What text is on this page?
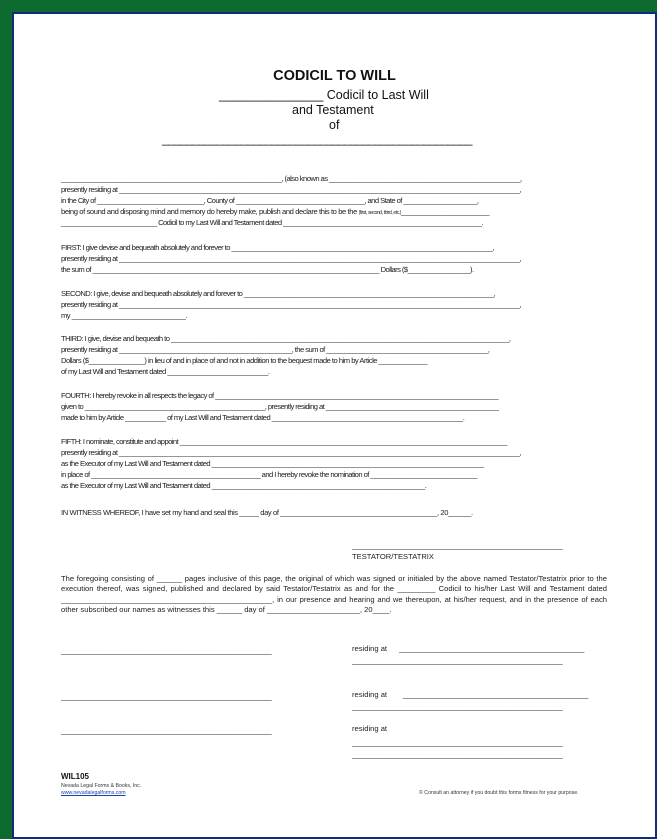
CODICIL TO WILL
_______________ Codicil to Last Will
and Testament
of
___________________________________________________
____________________________________________________________, (also known as ____________________________________________________,
presently residing at _____________________________________________________________________________________________________________,
in the City of _____________________________, County of ___________________________________, and State of ____________________,
being of sound and disposing mind and memory do hereby make, publish and declare this to be the (first, second, third, etc.)_______________________
__________________________ Codicil to my Last Will and Testament dated ______________________________________________________.
FIRST: I give devise and bequeath absolutely and forever to _______________________________________________________________________,
presently residing at _____________________________________________________________________________________________________________,
the sum of ______________________________________________________________________________ Dollars ($_________________).
SECOND: I give, devise and bequeath absolutely and forever to ____________________________________________________________________,
presently residing at _____________________________________________________________________________________________________________,
my _______________________________.
THIRD: I give, devise and bequeath to ____________________________________________________________________________________________,
presently residing at _______________________________________________, the sum of ____________________________________________,
Dollars ($_______________) in lieu of and in place of and not in addition to the bequest made to him by Article _____________
of my Last Will and Testament dated ___________________________.
FOURTH: I hereby revoke in all respects the legacy of _____________________________________________________________________________
given to _________________________________________________, presently residing at _______________________________________________
made to him by Article ___________ of my Last Will and Testament dated ____________________________________________________.
FIFTH: I nominate, constitute and appoint _________________________________________________________________________________________
presently residing at _____________________________________________________________________________________________________________,
as the Executor of my Last Will and Testament dated __________________________________________________________________________
in place of ______________________________________________ and I hereby revoke the nomination of _____________________________
as the Executor of my Last Will and Testament dated __________________________________________________________.
IN WITNESS WHEREOF, I have set my hand and seal this _____ day of _________________________________________, 20______.
__________________________________________________________
TESTATOR/TESTATRIX
The foregoing consisting of ______ pages inclusive of this page, the original of which was signed or initialed by the above named Testator/Testatrix prior to the execution thereof, was signed, published and declared by said Testator/Testatrix as and for the _________ Codicil to his/her Last Will and Testament dated __________________________________________________, in our presence and hearing and we thereupon, at his/her request, and in the presence of each other subscribed our names as witnesses this ______ day of ______________________, 20____.
__________________________________________________________	residing at ___________________________________________________
__________________________________________________________
__________________________________________________________	residing at ___________________________________________________
__________________________________________________________
__________________________________________________________	residing at
__________________________________________________________
__________________________________________________________
WIL105
Nevada Legal Forms & Books, Inc.
www.nevadalegalforms.com	© Consult an attorney if you doubt this forms fitness for your purpose.
